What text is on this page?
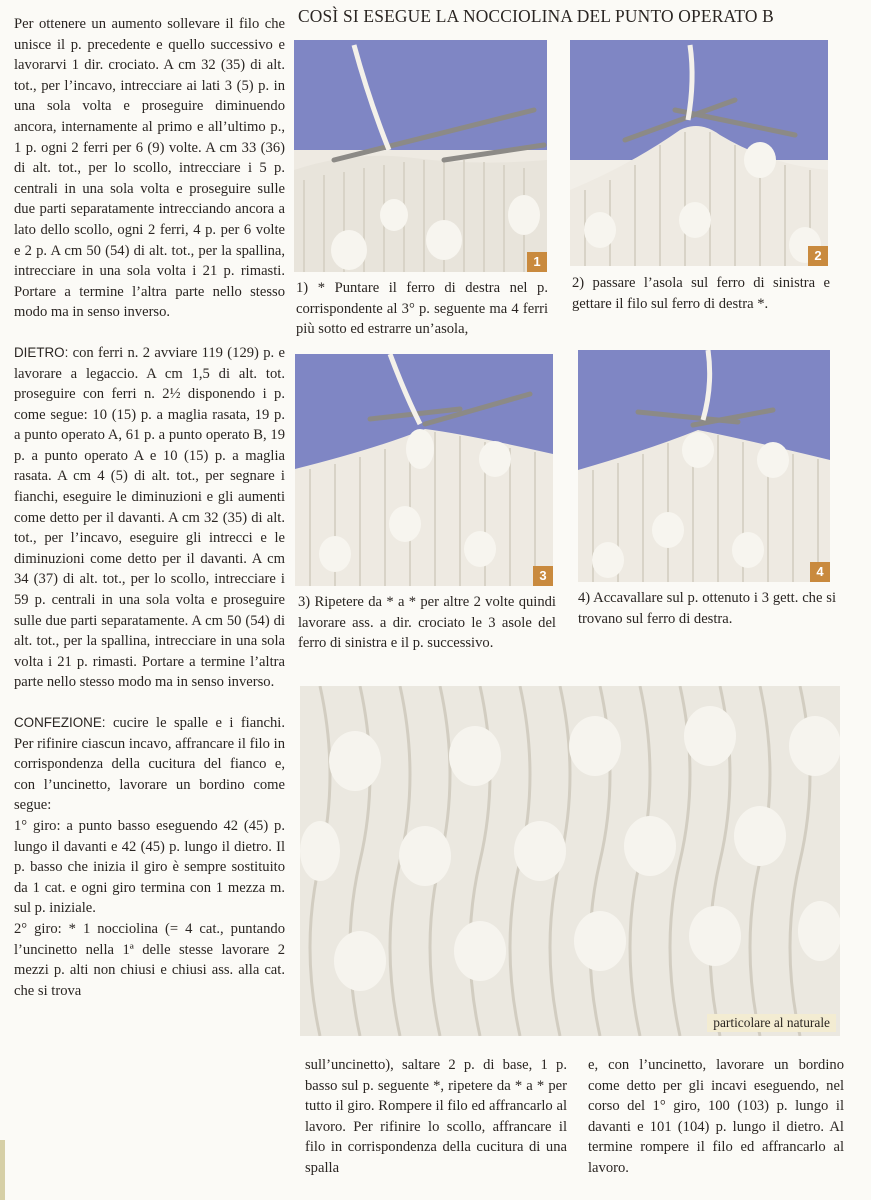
COSÌ SI ESEGUE LA NOCCIOLINA DEL PUNTO OPERATO B

Per ottenere un aumento sollevare il filo che unisce il p. precedente e quello successivo e lavorarvi 1 dir. crociato. A cm 32 (35) di alt. tot., per l’incavo, intrecciare ai lati 3 (5) p. in una sola volta e proseguire diminuendo ancora, internamente al primo e all’ultimo p., 1 p. ogni 2 ferri per 6 (9) volte. A cm 33 (36) di alt. tot., per lo scollo, intrecciare i 5 p. centrali in una sola volta e proseguire sulle due parti separatamente intrecciando ancora a lato dello scollo, ogni 2 ferri, 4 p. per 6 volte e 2 p. A cm 50 (54) di alt. tot., per la spallina, intrecciare in una sola volta i 21 p. rimasti. Portare a termine l’altra parte nello stesso modo ma in senso inverso.

DIETRO: con ferri n. 2 avviare 119 (129) p. e lavorare a legaccio. A cm 1,5 di alt. tot. proseguire con ferri n. 2½ disponendo i p. come segue: 10 (15) p. a maglia rasata, 19 p. a punto operato A, 61 p. a punto operato B, 19 p. a punto operato A e 10 (15) p. a maglia rasata. A cm 4 (5) di alt. tot., per segnare i fianchi, eseguire le diminuzioni e gli aumenti come detto per il davanti. A cm 32 (35) di alt. tot., per l’incavo, eseguire gli intrecci e le diminuzioni come detto per il davanti. A cm 34 (37) di alt. tot., per lo scollo, intrecciare i 59 p. centrali in una sola volta e proseguire sulle due parti separatamente. A cm 50 (54) di alt. tot., per la spallina, intrecciare in una sola volta i 21 p. rimasti. Portare a termine l’altra parte nello stesso modo ma in senso inverso.

CONFEZIONE: cucire le spalle e i fianchi. Per rifinire ciascun incavo, affrancare il filo in corrispondenza della cucitura del fianco e, con l’uncinetto, lavorare un bordino come segue:

1° giro: a punto basso eseguendo 42 (45) p. lungo il davanti e 42 (45) p. lungo il dietro. Il p. basso che inizia il giro è sempre sostituito da 1 cat. e ogni giro termina con 1 mezza m. sul p. iniziale.

2° giro: * 1 nocciolina (= 4 cat., puntando l’uncinetto nella 1ª delle stesse lavorare 2 mezzi p. alti non chiusi e chiusi ass. alla cat. che si trova

1
1) * Puntare il ferro di destra nel p. corrispondente al 3° p. seguente ma 4 ferri più sotto ed estrarre un’asola,
2
2) passare l’asola sul ferro di sinistra e gettare il filo sul ferro di destra *.
3
3) Ripetere da * a * per altre 2 volte quindi lavorare ass. a dir. crociato le 3 asole del ferro di sinistra e il p. successivo.
4
4) Accavallare sul p. ottenuto i 3 gett. che si trovano sul ferro di destra.
particolare al naturale
sull’uncinetto), saltare 2 p. di base, 1 p. basso sul p. seguente *, ripetere da * a * per tutto il giro. Rompere il filo ed affrancarlo al lavoro. Per rifinire lo scollo, affrancare il filo in corrispondenza della cucitura di una spalla
e, con l’uncinetto, lavorare un bordino come detto per gli incavi eseguendo, nel corso del 1° giro, 100 (103) p. lungo il davanti e 101 (104) p. lungo il dietro. Al termine rompere il filo ed affrancarlo al lavoro.
